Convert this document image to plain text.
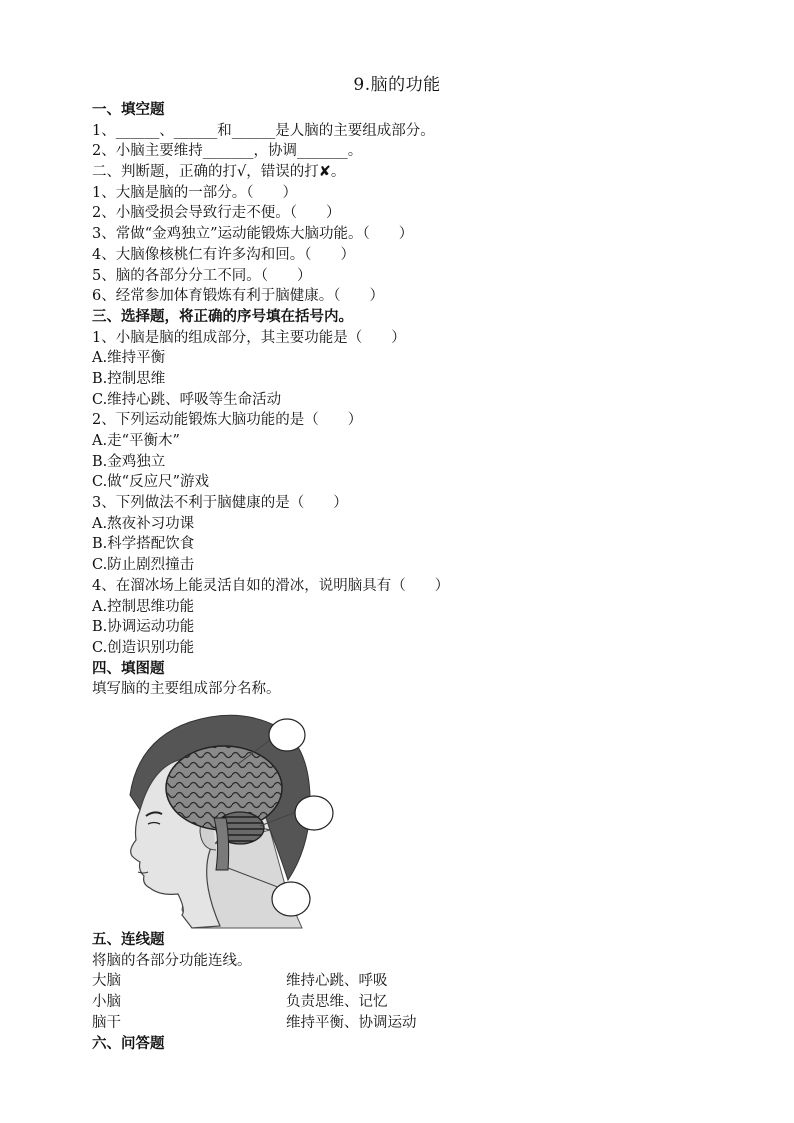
9.脑的功能
一、填空题
1、______、______和______是人脑的主要组成部分。
2、小脑主要维持_______，协调_______。
二、判断题，正确的打√，错误的打✘。
1、大脑是脑的一部分。（　　）
2、小脑受损会导致行走不便。（　　）
3、常做“金鸡独立”运动能锻炼大脑功能。（　　）
4、大脑像核桃仁有许多沟和回。（　　）
5、脑的各部分分工不同。（　　）
6、经常参加体育锻炼有利于脑健康。（　　）
三、选择题，将正确的序号填在括号内。
1、小脑是脑的组成部分，其主要功能是（　　）
A.维持平衡
B.控制思维
C.维持心跳、呼吸等生命活动
2、下列运动能锻炼大脑功能的是（　　）
A.走“平衡木”
B.金鸡独立
C.做“反应尺”游戏
3、下列做法不利于脑健康的是（　　）
A.熬夜补习功课
B.科学搭配饮食
C.防止剧烈撞击
4、在溜冰场上能灵活自如的滑冰，说明脑具有（　　）
A.控制思维功能
B.协调运动功能
C.创造识别功能
四、填图题
填写脑的主要组成部分名称。
五、连线题
将脑的各部分功能连线。
大脑	维持心跳、呼吸
小脑	负责思维、记忆
脑干	维持平衡、协调运动
六、问答题
